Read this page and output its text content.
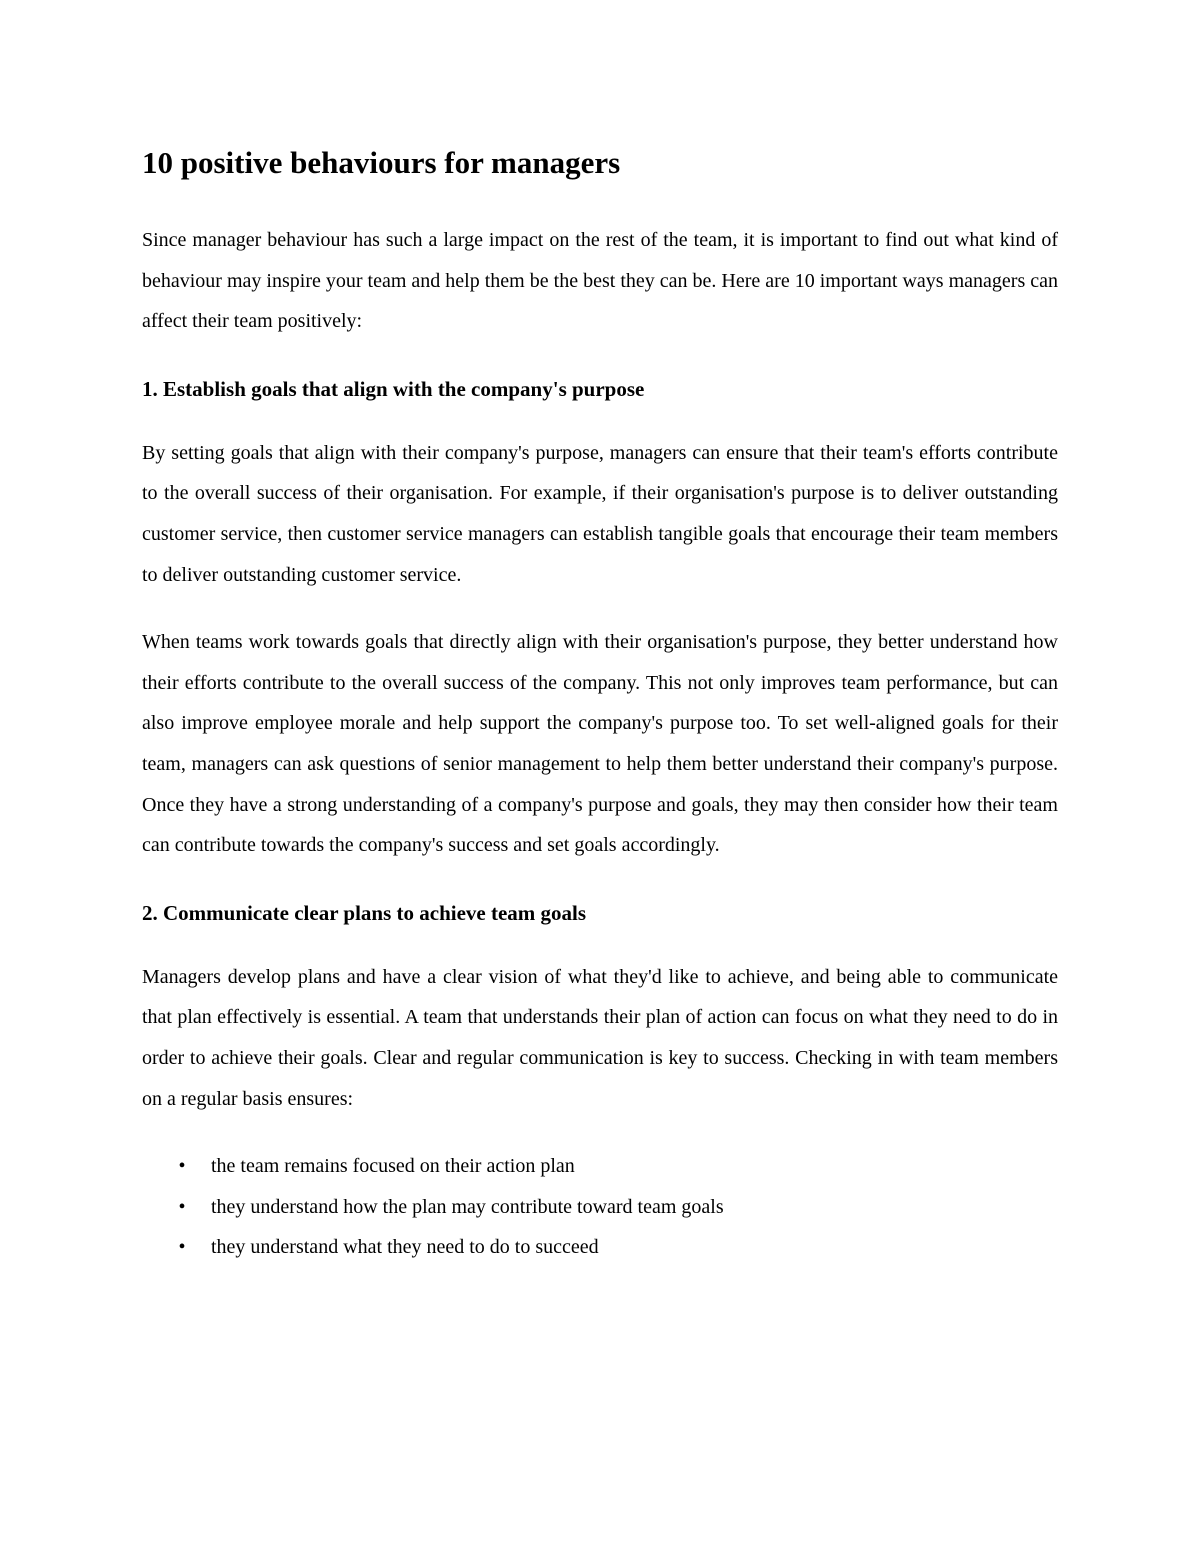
10 positive behaviours for managers

Since manager behaviour has such a large impact on the rest of the team, it is important to find out what kind of behaviour may inspire your team and help them be the best they can be. Here are 10 important ways managers can affect their team positively:

1. Establish goals that align with the company's purpose

By setting goals that align with their company's purpose, managers can ensure that their team's efforts contribute to the overall success of their organisation. For example, if their organisation's purpose is to deliver outstanding customer service, then customer service managers can establish tangible goals that encourage their team members to deliver outstanding customer service.

When teams work towards goals that directly align with their organisation's purpose, they better understand how their efforts contribute to the overall success of the company. This not only improves team performance, but can also improve employee morale and help support the company's purpose too. To set well-aligned goals for their team, managers can ask questions of senior management to help them better understand their company's purpose. Once they have a strong understanding of a company's purpose and goals, they may then consider how their team can contribute towards the company's success and set goals accordingly.

2. Communicate clear plans to achieve team goals

Managers develop plans and have a clear vision of what they'd like to achieve, and being able to communicate that plan effectively is essential. A team that understands their plan of action can focus on what they need to do in order to achieve their goals. Clear and regular communication is key to success. Checking in with team members on a regular basis ensures:

• the team remains focused on their action plan
• they understand how the plan may contribute toward team goals
• they understand what they need to do to succeed
